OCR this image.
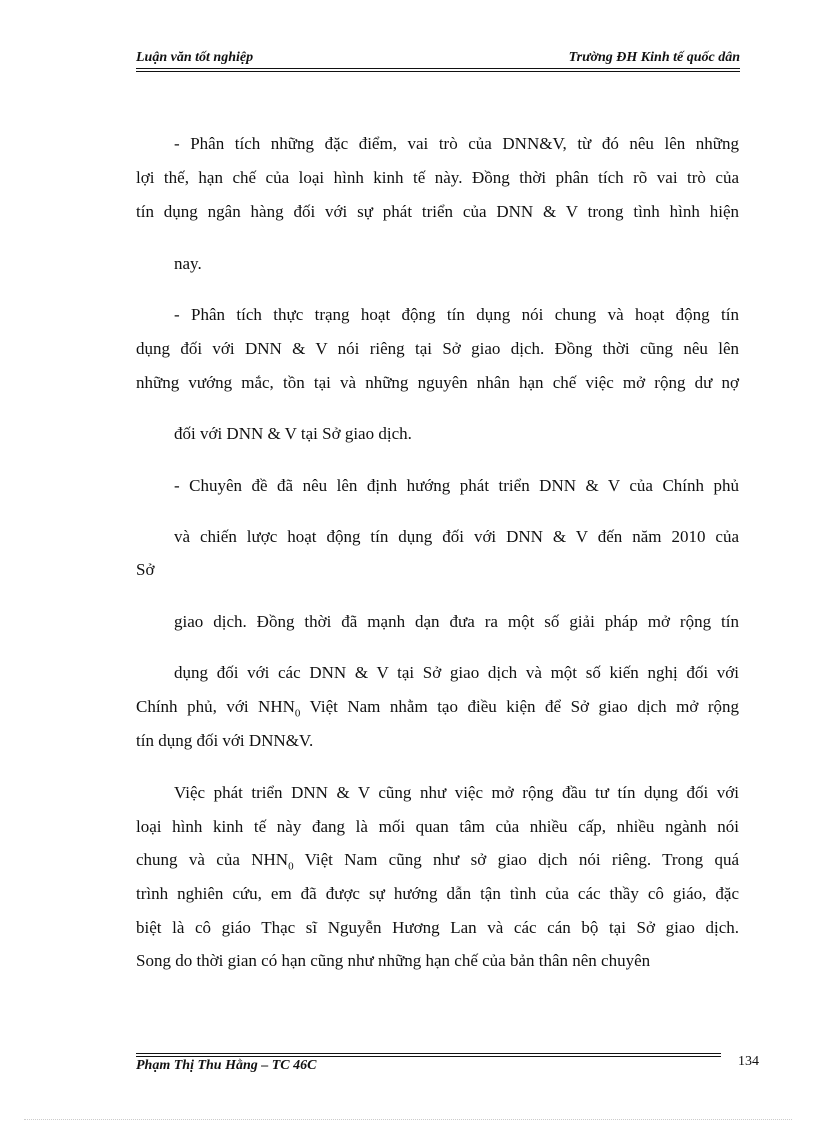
Luận văn tốt nghiệp	Trường ĐH Kinh tế quốc dân
- Phân tích những đặc điểm, vai trò của DNN&V, từ đó nêu lên những
lợi thế, hạn chế của loại hình kinh tế này. Đồng thời phân tích rõ vai trò của
tín dụng ngân hàng đối với sự phát triển của DNN & V trong tình hình hiện
nay.
- Phân tích thực trạng hoạt động tín dụng nói chung và hoạt động tín
dụng đối với DNN & V nói riêng tại Sở giao dịch. Đồng thời cũng nêu lên
những vướng mắc, tồn tại và những nguyên nhân hạn chế việc mở rộng dư nợ
đối với DNN & V tại Sở giao dịch.
- Chuyên đề đã nêu lên định hướng phát triển DNN & V của Chính phủ
và chiến lược hoạt động tín dụng đối với DNN & V đến năm 2010 của
Sở
giao dịch. Đồng thời đã mạnh dạn đưa ra một số giải pháp mở rộng tín
dụng đối với các DNN & V tại Sở giao dịch và một số kiến nghị đối với
Chính phủ, với $NHN_0$ Việt Nam nhằm tạo điều kiện để Sở giao dịch mở rộng
tín dụng đối với DNN&V.
Việc phát triển DNN & V cũng như việc mở rộng đầu tư tín dụng đối với
loại hình kinh tế này đang là mối quan tâm của nhiều cấp, nhiều ngành nói
chung và của $NHN_0$ Việt Nam cũng như sở giao dịch nói riêng. Trong quá
trình nghiên cứu, em đã được sự hướng dẫn tận tình của các thầy cô giáo, đặc
biệt là cô giáo Thạc sĩ Nguyễn Hương Lan và các cán bộ tại Sở giao dịch.
Song do thời gian có hạn cũng như những hạn chế của bản thân nên chuyên
Phạm Thị Thu Hằng – TC 46C	134
